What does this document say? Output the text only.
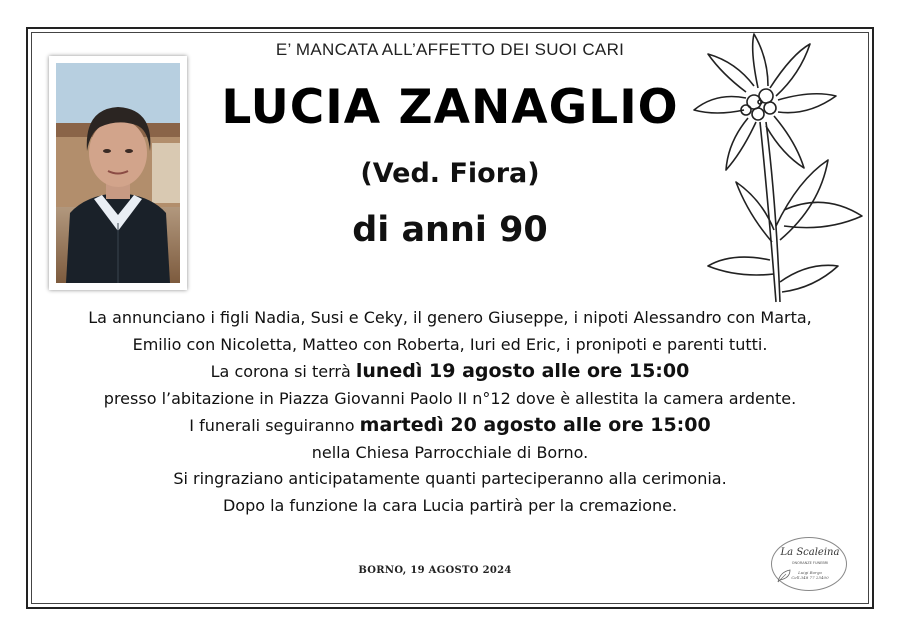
E’ MANCATA ALL’AFFETTO DEI SUOI CARI
LUCIA ZANAGLIO
(Ved. Fiora)
di anni 90
La annunciano i figli Nadia, Susi e Ceky, il genero Giuseppe, i nipoti Alessandro con Marta,
Emilio con Nicoletta, Matteo con Roberta, Iuri ed Eric, i pronipoti e parenti tutti.
La corona si terrà lunedì 19 agosto alle ore 15:00
presso l’abitazione in Piazza Giovanni Paolo II n°12 dove è allestita la camera ardente.
I funerali seguiranno martedì 20 agosto alle ore 15:00
nella Chiesa Parrocchiale di Borno.
Si ringraziano anticipatamente quanti parteciperanno alla cerimonia.
Dopo la funzione la cara Lucia partirà per la cremazione.
BORNO, 19 AGOSTO 2024
La Scaleina
ONORANZE FUNEBRI
Luigi Borgo
Cell.348 77 25400
